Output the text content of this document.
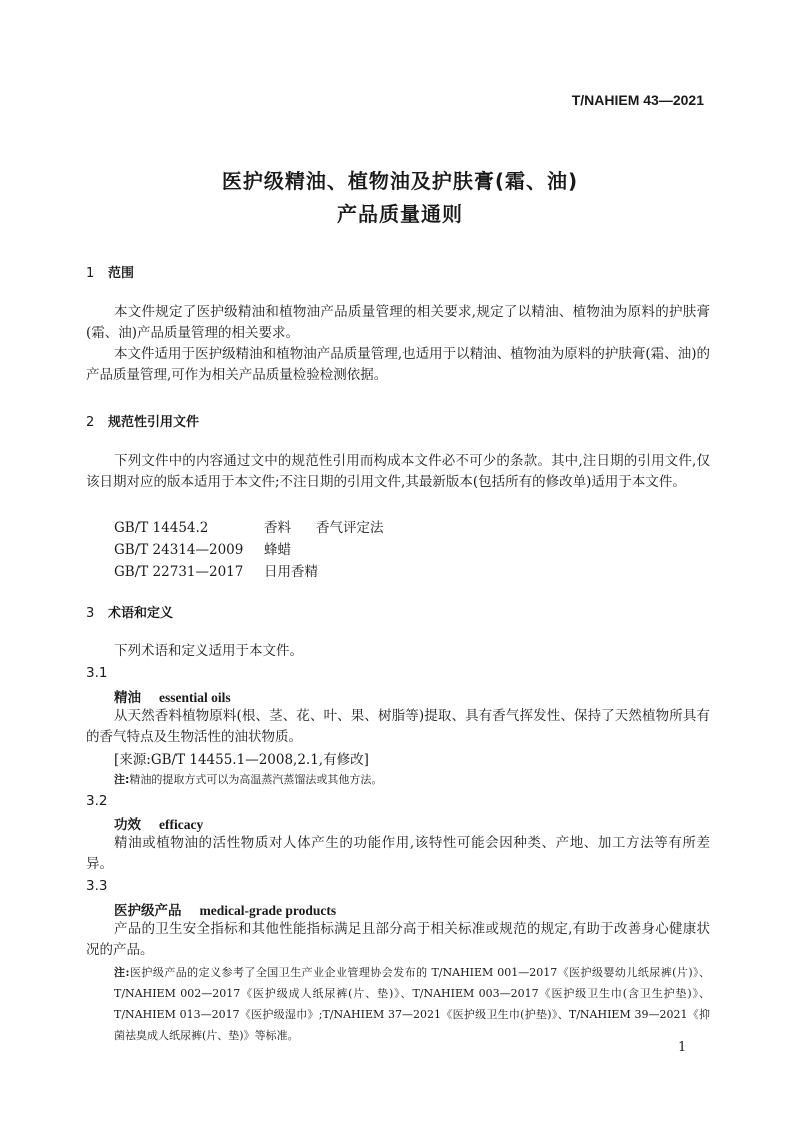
T/NAHIEM 43—2021
医护级精油、植物油及护肤膏(霜、油)
产品质量通则
1 范围
本文件规定了医护级精油和植物油产品质量管理的相关要求,规定了以精油、植物油为原料的护肤膏(霜、油)产品质量管理的相关要求。
本文件适用于医护级精油和植物油产品质量管理,也适用于以精油、植物油为原料的护肤膏(霜、油)的产品质量管理,可作为相关产品质量检验检测依据。
2 规范性引用文件
下列文件中的内容通过文中的规范性引用而构成本文件必不可少的条款。其中,注日期的引用文件,仅该日期对应的版本适用于本文件;不注日期的引用文件,其最新版本(包括所有的修改单)适用于本文件。
GB/T 14454.2	香料 香气评定法
GB/T 24314—2009 蜂蜡
GB/T 22731—2017 日用香精
3 术语和定义
下列术语和定义适用于本文件。
3.1
精油 essential oils
从天然香料植物原料(根、茎、花、叶、果、树脂等)提取、具有香气挥发性、保持了天然植物所具有的香气特点及生物活性的油状物质。
[来源:GB/T 14455.1—2008,2.1,有修改]
注:精油的提取方式可以为高温蒸汽蒸馏法或其他方法。
3.2
功效 efficacy
精油或植物油的活性物质对人体产生的功能作用,该特性可能会因种类、产地、加工方法等有所差异。
3.3
医护级产品 medical-grade products
产品的卫生安全指标和其他性能指标满足且部分高于相关标准或规范的规定,有助于改善身心健康状况的产品。
注:医护级产品的定义参考了全国卫生产业企业管理协会发布的 T/NAHIEM 001—2017《医护级婴幼儿纸尿裤(片)》、T/NAHIEM 002—2017《医护级成人纸尿裤(片、垫)》、T/NAHIEM 003—2017《医护级卫生巾(含卫生护垫)》、T/NAHIEM 013—2017《医护级湿巾》;T/NAHIEM 37—2021《医护级卫生巾(护垫)》、T/NAHIEM 39—2021《抑菌祛臭成人纸尿裤(片、垫)》等标准。
1
